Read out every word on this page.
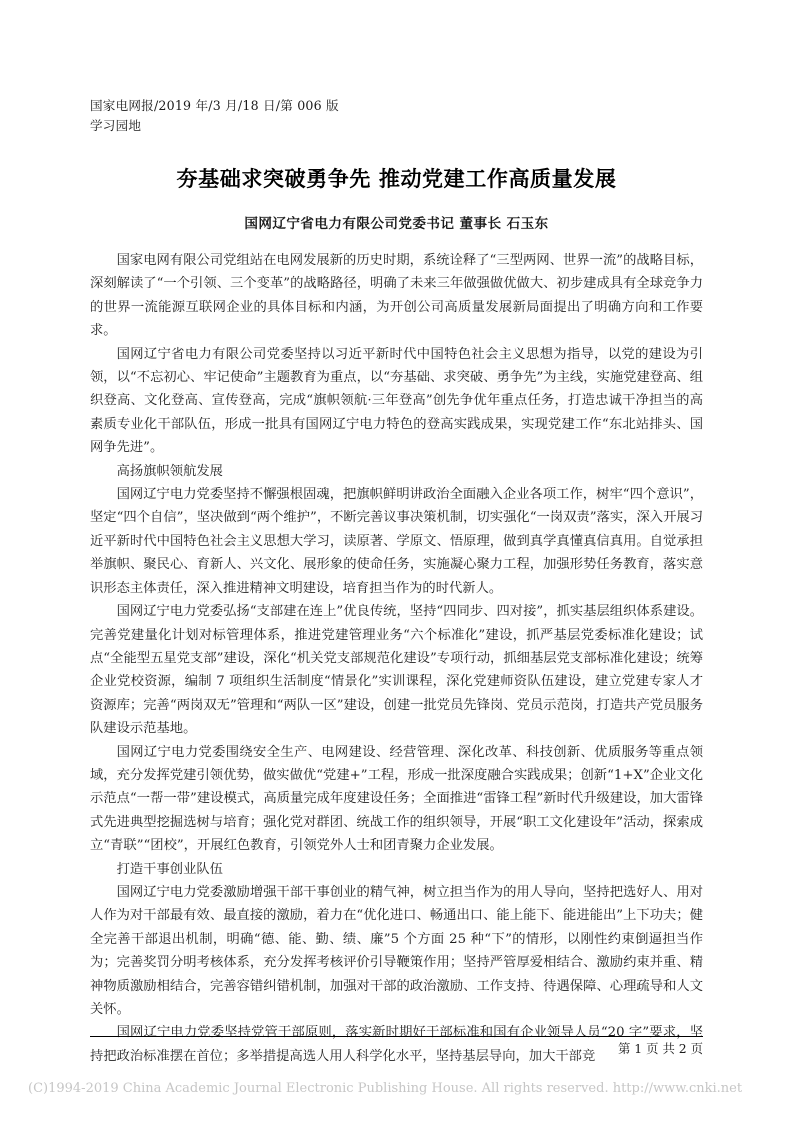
国家电网报/2019 年/3 月/18 日/第 006 版
学习园地
夯基础求突破勇争先 推动党建工作高质量发展
国网辽宁省电力有限公司党委书记 董事长 石玉东

国家电网有限公司党组站在电网发展新的历史时期，系统诠释了“三型两网、世界一流”的战略目标，深刻解读了“一个引领、三个变革”的战略路径，明确了未来三年做强做优做大、初步建成具有全球竞争力的世界一流能源互联网企业的具体目标和内涵，为开创公司高质量发展新局面提出了明确方向和工作要求。

国网辽宁省电力有限公司党委坚持以习近平新时代中国特色社会主义思想为指导，以党的建设为引领，以“不忘初心、牢记使命”主题教育为重点，以“夯基础、求突破、勇争先”为主线，实施党建登高、组织登高、文化登高、宣传登高，完成“旗帜领航·三年登高”创先争优年重点任务，打造忠诚干净担当的高素质专业化干部队伍，形成一批具有国网辽宁电力特色的登高实践成果，实现党建工作“东北站排头、国网争先进”。

高扬旗帜领航发展

国网辽宁电力党委坚持不懈强根固魂，把旗帜鲜明讲政治全面融入企业各项工作，树牢“四个意识”，坚定“四个自信”，坚决做到“两个维护”，不断完善议事决策机制，切实强化“一岗双责”落实，深入开展习近平新时代中国特色社会主义思想大学习，读原著、学原文、悟原理，做到真学真懂真信真用。自觉承担举旗帜、聚民心、育新人、兴文化、展形象的使命任务，实施凝心聚力工程，加强形势任务教育，落实意识形态主体责任，深入推进精神文明建设，培育担当作为的时代新人。

国网辽宁电力党委弘扬“支部建在连上”优良传统，坚持“四同步、四对接”，抓实基层组织体系建设。完善党建量化计划对标管理体系，推进党建管理业务“六个标准化”建设，抓严基层党委标准化建设；试点“全能型五星党支部”建设，深化“机关党支部规范化建设”专项行动，抓细基层党支部标准化建设；统筹企业党校资源，编制 7 项组织生活制度“情景化”实训课程，深化党建师资队伍建设，建立党建专家人才资源库；完善“两岗双无”管理和“两队一区”建设，创建一批党员先锋岗、党员示范岗，打造共产党员服务队建设示范基地。

国网辽宁电力党委围绕安全生产、电网建设、经营管理、深化改革、科技创新、优质服务等重点领域，充分发挥党建引领优势，做实做优“党建+”工程，形成一批深度融合实践成果；创新“1+X”企业文化示范点“一帮一带”建设模式，高质量完成年度建设任务；全面推进“雷锋工程”新时代升级建设，加大雷锋式先进典型挖掘选树与培育；强化党对群团、统战工作的组织领导，开展“职工文化建设年”活动，探索成立“青联”“团校”，开展红色教育，引领党外人士和团青聚力企业发展。

打造干事创业队伍

国网辽宁电力党委激励增强干部干事创业的精气神，树立担当作为的用人导向，坚持把选好人、用对人作为对干部最有效、最直接的激励，着力在“优化进口、畅通出口、能上能下、能进能出”上下功夫；健全完善干部退出机制，明确“德、能、勤、绩、廉”5 个方面 25 种“下”的情形，以刚性约束倒逼担当作为；完善奖罚分明考核体系，充分发挥考核评价引导鞭策作用；坚持严管厚爱相结合、激励约束并重、精神物质激励相结合，完善容错纠错机制，加强对干部的政治激励、工作支持、待遇保障、心理疏导和人文关怀。

国网辽宁电力党委坚持党管干部原则，落实新时期好干部标准和国有企业领导人员“20 字”要求，坚持把政治标准摆在首位；多举措提高选人用人科学化水平，坚持基层导向，加大干部竞

第 1 页 共 2 页
(C)1994-2019 China Academic Journal Electronic Publishing House. All rights reserved. http://www.cnki.net
